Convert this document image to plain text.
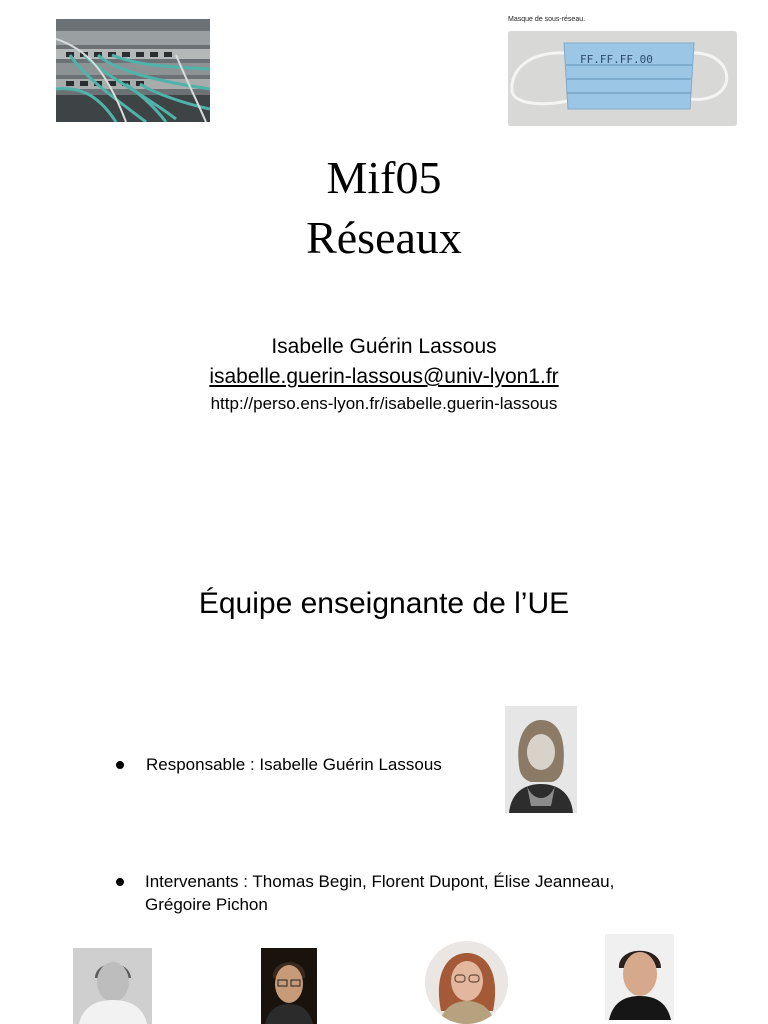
Masque de sous-réseau.
FF.FF.FF.00
Mif05
Réseaux
Isabelle Guérin Lassous
isabelle.guerin-lassous@univ-lyon1.fr
http://perso.ens-lyon.fr/isabelle.guerin-lassous
Équipe enseignante de l’UE
Responsable : Isabelle Guérin Lassous
Intervenants : Thomas Begin, Florent Dupont, Élise Jeanneau,
Grégoire Pichon
